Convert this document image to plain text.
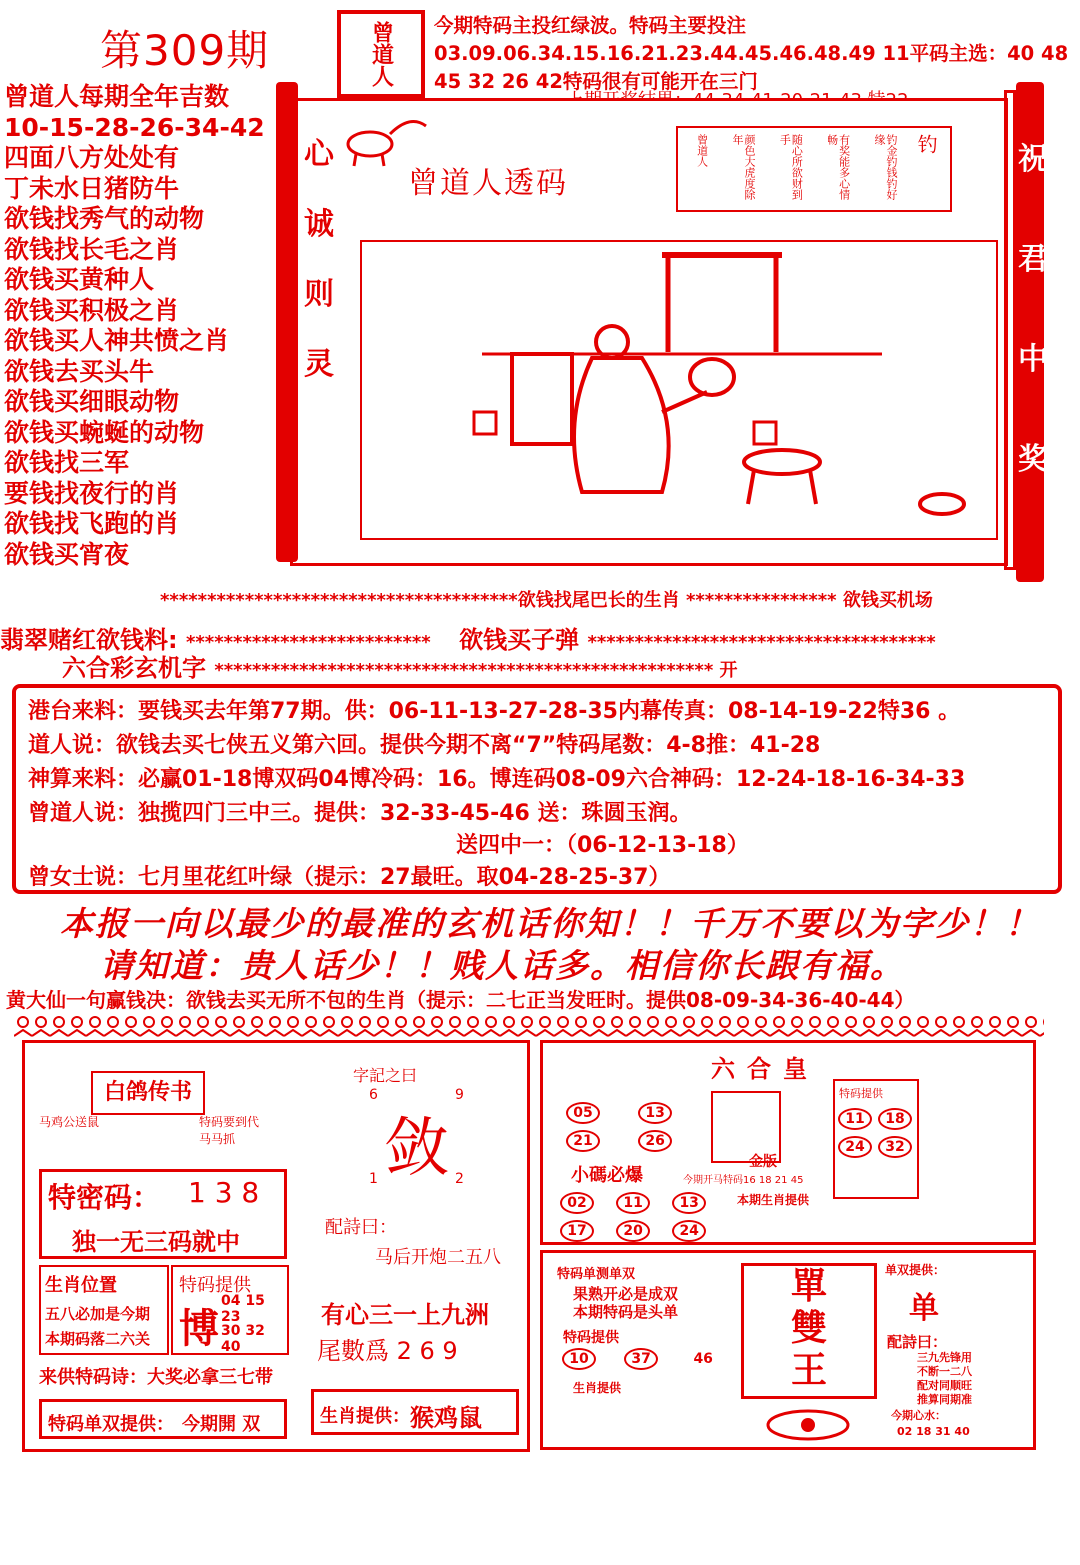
第309期	曾道人 今期特码主投红绿波。特码主要投注03.09.06.34.15.16.21.23.44.45.46.48.49 11平码主选：40 48 45 32 26 42特码很有可能开在三门
曾道人每期全年吉数
10-15-28-26-34-42
四面八方处处有
丁未水日猪防牛
欲钱找秀气的动物
欲钱找长毛之肖
欲钱买黄种人
欲钱买积极之肖
欲钱买人神共愤之肖
欲钱去买头牛
欲钱买细眼动物
欲钱买蜿蜒的动物
欲钱找三军
要钱找夜行的肖
欲钱找飞跑的肖
欲钱买宵夜
心
诚
则
灵
祝
君
中
奖
曾道人透码
钓
钓金钓钱钓好缘
有奖能多心情畅
随心所欲财到手
颜色大虎度除年
曾道人
**************************************欲钱找尾巴长的生肖 **************** 欲钱买机场
翡翠赌红欲钱料: ************************** 欲钱买子弹 *************************************
六合彩玄机字 ***************************************************** 开
港台来料：要钱买去年第77期。供：06-11-13-27-28-35内幕传真：08-14-19-22特36 。
道人说：欲钱去买七侠五义第六回。提供今期不离“7”特码尾数：4-8推：41-28
神算来料：必赢01-18博双码04博冷码：16。博连码08-09六合神码：12-24-18-16-34-33
曾道人说：独揽四门三中三。提供：32-33-45-46 送：珠圆玉润。
送四中一：（06-12-13-18）
曾女士说：七月里花红叶绿（提示：27最旺。取04-28-25-37）
本报一向以最少的最准的玄机话你知！！千万不要以为字少！！
请知道：贵人话少！！贱人话多。相信你长跟有福。
黄大仙一句赢钱决：欲钱去买无所不包的生肖（提示：二七正当发旺时。提供08-09-34-36-40-44）
白鸽传书
马鸡公送鼠	特码要到代马马抓
特密码： 1 3 8
独一无三码就中
生肖位置
五八必加是今期
本期码落二六关
特码提供
博
04 15 23
30 32 40
来供特码诗：大奖必拿三七带
特码单双提供： 今期開 双
字記之曰
6	9
敛
1	2
配詩曰：
马后开炮二五八
有心三一上九洲
尾數爲 2 6 9
生肖提供： 猴鸡鼠
六合皇
05	13 21	26
小碼必爆
02	11	13 17	20	24
特码提供
11 18 24 32
金版
今期开马特码16 18 21 45
本期生肖提供
特码单测单双
果熟开必是成双
本期特码是头单
特码提供
10	37	46
生肖提供
單
雙
王
单双提供：
单
配詩曰：
三九先锋用
不断一二八
配对同顺旺
推算同期准
今期心水：
02 18 31 40
